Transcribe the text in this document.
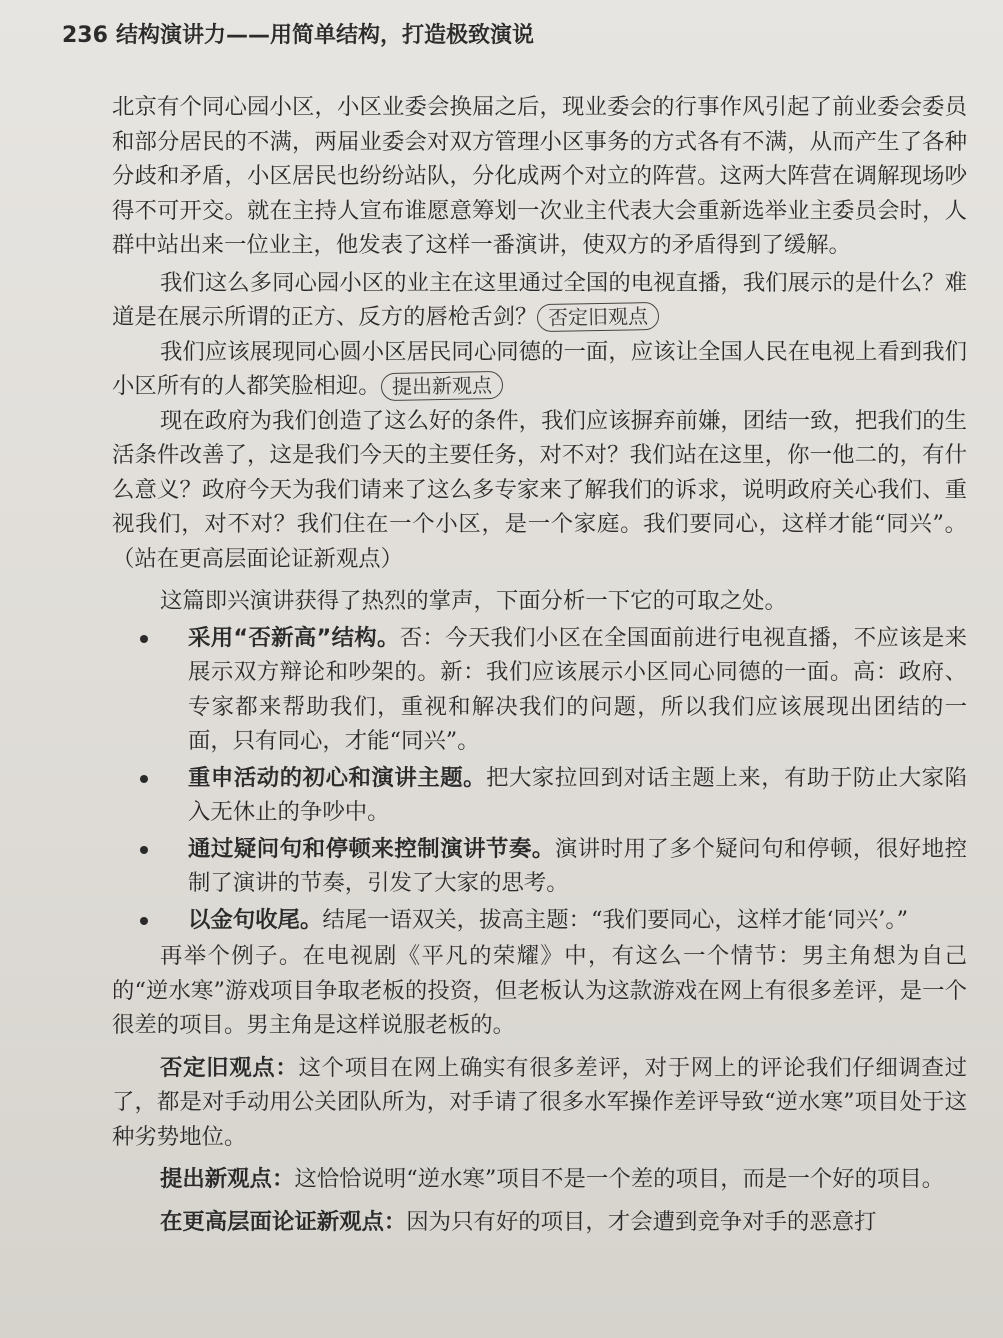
236 结构演讲力——用简单结构，打造极致演说

北京有个同心园小区，小区业委会换届之后，现业委会的行事作风引起了前业委会委员和部分居民的不满，两届业委会对双方管理小区事务的方式各有不满，从而产生了各种分歧和矛盾，小区居民也纷纷站队，分化成两个对立的阵营。这两大阵营在调解现场吵得不可开交。就在主持人宣布谁愿意筹划一次业主代表大会重新选举业主委员会时，人群中站出来一位业主，他发表了这样一番演讲，使双方的矛盾得到了缓解。

我们这么多同心园小区的业主在这里通过全国的电视直播，我们展示的是什么？难道是在展示所谓的正方、反方的唇枪舌剑？ 否定旧观点

我们应该展现同心圆小区居民同心同德的一面，应该让全国人民在电视上看到我们小区所有的人都笑脸相迎。 提出新观点

现在政府为我们创造了这么好的条件，我们应该摒弃前嫌，团结一致，把我们的生活条件改善了，这是我们今天的主要任务，对不对？我们站在这里，你一他二的，有什么意义？政府今天为我们请来了这么多专家来了解我们的诉求，说明政府关心我们、重视我们，对不对？我们住在一个小区，是一个家庭。我们要同心，这样才能“同兴”。（站在更高层面论证新观点）

这篇即兴演讲获得了热烈的掌声，下面分析一下它的可取之处。

采用“否新高”结构。否：今天我们小区在全国面前进行电视直播，不应该是来展示双方辩论和吵架的。新：我们应该展示小区同心同德的一面。高：政府、专家都来帮助我们，重视和解决我们的问题，所以我们应该展现出团结的一面，只有同心，才能“同兴”。
重申活动的初心和演讲主题。把大家拉回到对话主题上来，有助于防止大家陷入无休止的争吵中。
通过疑问句和停顿来控制演讲节奏。演讲时用了多个疑问句和停顿，很好地控制了演讲的节奏，引发了大家的思考。
以金句收尾。结尾一语双关，拔高主题：“我们要同心，这样才能‘同兴’。”

再举个例子。在电视剧《平凡的荣耀》中，有这么一个情节：男主角想为自己的“逆水寒”游戏项目争取老板的投资，但老板认为这款游戏在网上有很多差评，是一个很差的项目。男主角是这样说服老板的。

否定旧观点：这个项目在网上确实有很多差评，对于网上的评论我们仔细调查过了，都是对手动用公关团队所为，对手请了很多水军操作差评导致“逆水寒”项目处于这种劣势地位。

提出新观点：这恰恰说明“逆水寒”项目不是一个差的项目，而是一个好的项目。

在更高层面论证新观点：因为只有好的项目，才会遭到竞争对手的恶意打
